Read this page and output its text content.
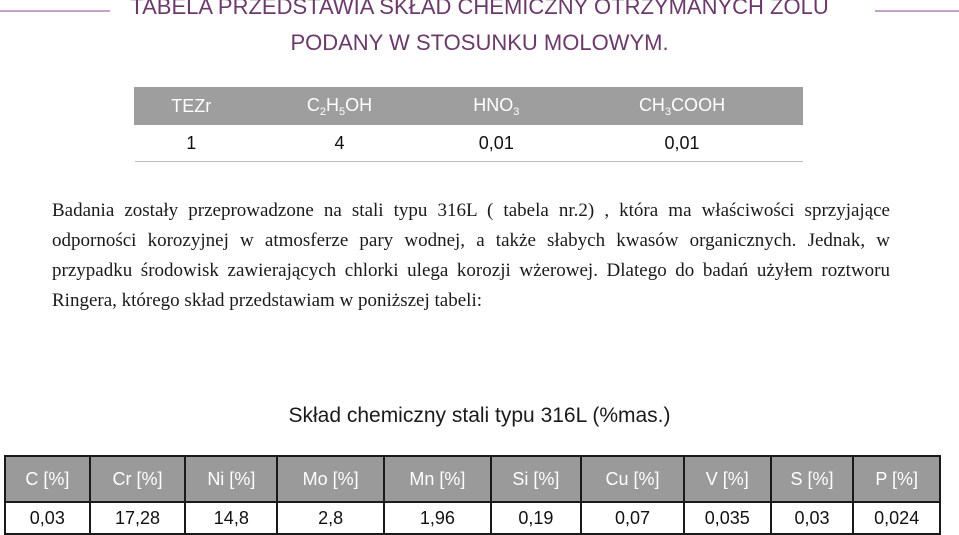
TABELA PRZEDSTAWIA SKŁAD CHEMICZNY OTRZYMANYCH ZOLU
PODANY W STOSUNKU MOLOWYM.
TEZr	$C_2H_5OH$	$HNO_3$	$CH_3COOH$
1	4	0,01	0,01
Badania zostały przeprowadzone na stali typu 316L ( tabela nr.2) , która ma właściwości sprzyjające odporności korozyjnej w atmosferze pary wodnej, a także słabych kwasów organicznych. Jednak, w przypadku środowisk zawierających chlorki ulega korozji wżerowej. Dlatego do badań użyłem roztworu Ringera, którego skład przedstawiam w poniższej tabeli:
Skład chemiczny stali typu 316L (%mas.)
C [%]	Cr [%]	Ni [%]	Mo [%]	Mn [%]	Si [%]	Cu [%]	V [%]	S [%]	P [%]
0,03	17,28	14,8	2,8	1,96	0,19	0,07	0,035	0,03	0,024
